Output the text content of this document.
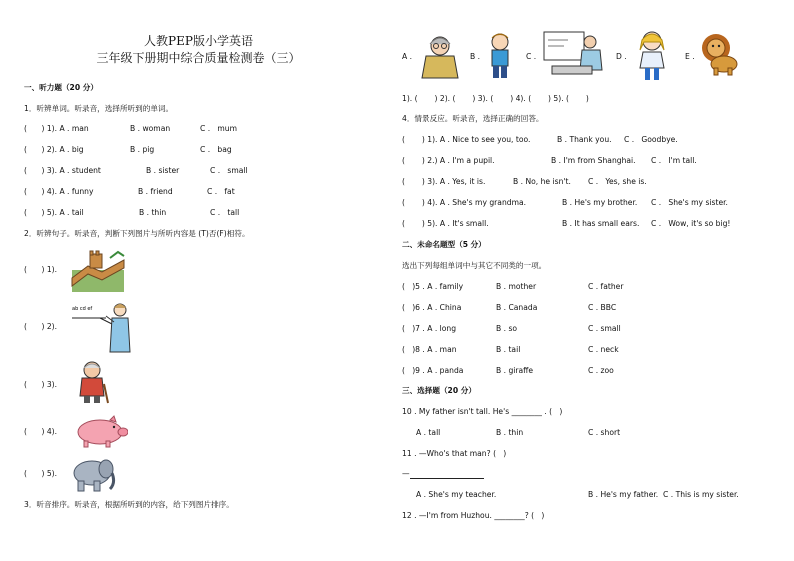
人教PEP版小学英语
三年级下册期中综合质量检测卷（三）
一、听力题（20 分）
1．听辨单词。听录音，选择所听到的单词。
(      ) 1). A . man	B . woman	C .   mum
(      ) 2). A . big	B . pig	C .   bag
(      ) 3). A . student	B . sister	C .   small
(      ) 4). A . funny	B . friend	C .   fat
(      ) 5). A . tail	B . thin	C .   tall
2．听辨句子。听录音，判断下列图片与所听内容是 (T)否(F)相符。
(      ) 1).
(      ) 2).
(      ) 3).
(      ) 4).
(      ) 5).
ab cd ef
3．听音排序。听录音，根据所听到的内容，给下列图片排序。
A .	B .	C .	D .	E .
1). (       ) 2). (       ) 3). (       ) 4). (       ) 5). (       )
4．情景反应。听录音，选择正确的回答。
(       ) 1). A . Nice to see you, too.	B . Thank you. C .   Goodbye.
(       ) 2.) A . I'm a pupil.	B . I'm from Shanghai. C .   I'm tall.
(       ) 3). A . Yes, it is.	B . No, he isn't. C .   Yes, she is.
(       ) 4). A . She's my grandma.	B . He's my brother. C .   She's my sister.
(       ) 5). A . It's small.	B . It has small ears. C .   Wow, it's so big!
二、未命名题型（5 分）
选出下列每组单词中与其它不同类的一项。
(   )5 . A . family	B . mother	C . father
(   )6 . A . China	B . Canada	C . BBC
(   )7 . A . long	B . so	C . small
(   )8 . A . man	B . tail	C . neck
(   )9 . A . panda	B . giraffe	C . zoo
三、选择题（20 分）
10 . My father isn't tall. He's ________ . (   )
A . tall	B . thin	C . short
11 . —Who's that man? (   )
—
A . She's my teacher.	B . He's my father.  C . This is my sister.
12 . —I'm from Huzhou. ________? (   )
